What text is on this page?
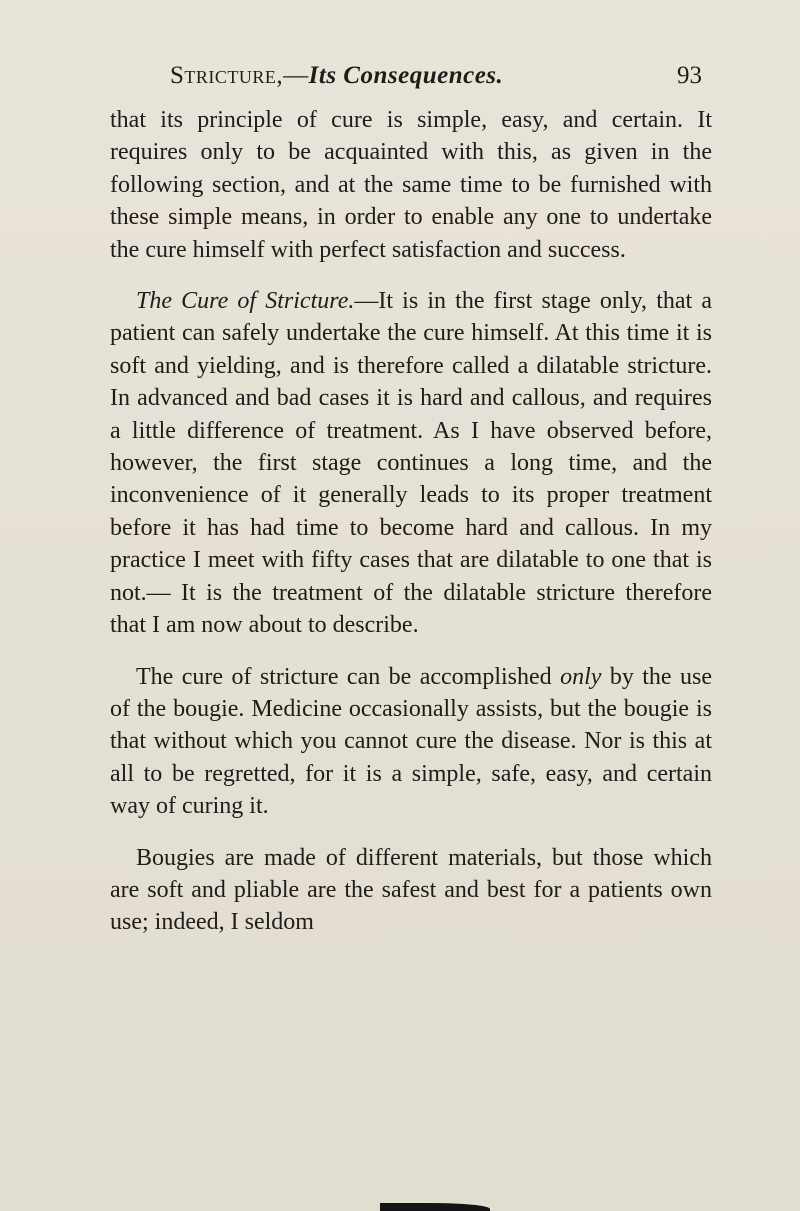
Stricture,—Its Consequences.	93

that its principle of cure is simple, easy, and certain. It requires only to be acquainted with this, as given in the following section, and at the same time to be furnished with these simple means, in order to enable any one to undertake the cure himself with perfect satisfaction and success.

The Cure of Stricture.—It is in the first stage only, that a patient can safely undertake the cure himself. At this time it is soft and yielding, and is therefore called a dilatable stricture. In advanced and bad cases it is hard and callous, and requires a little difference of treatment. As I have observed before, however, the first stage continues a long time, and the inconvenience of it generally leads to its proper treatment before it has had time to become hard and callous. In my practice I meet with fifty cases that are dilatable to one that is not.— It is the treatment of the dilatable stricture therefore that I am now about to describe.

The cure of stricture can be accomplished only by the use of the bougie. Medicine occasionally assists, but the bougie is that without which you cannot cure the disease. Nor is this at all to be regretted, for it is a simple, safe, easy, and certain way of curing it.

Bougies are made of different materials, but those which are soft and pliable are the safest and best for a patients own use; indeed, I seldom
